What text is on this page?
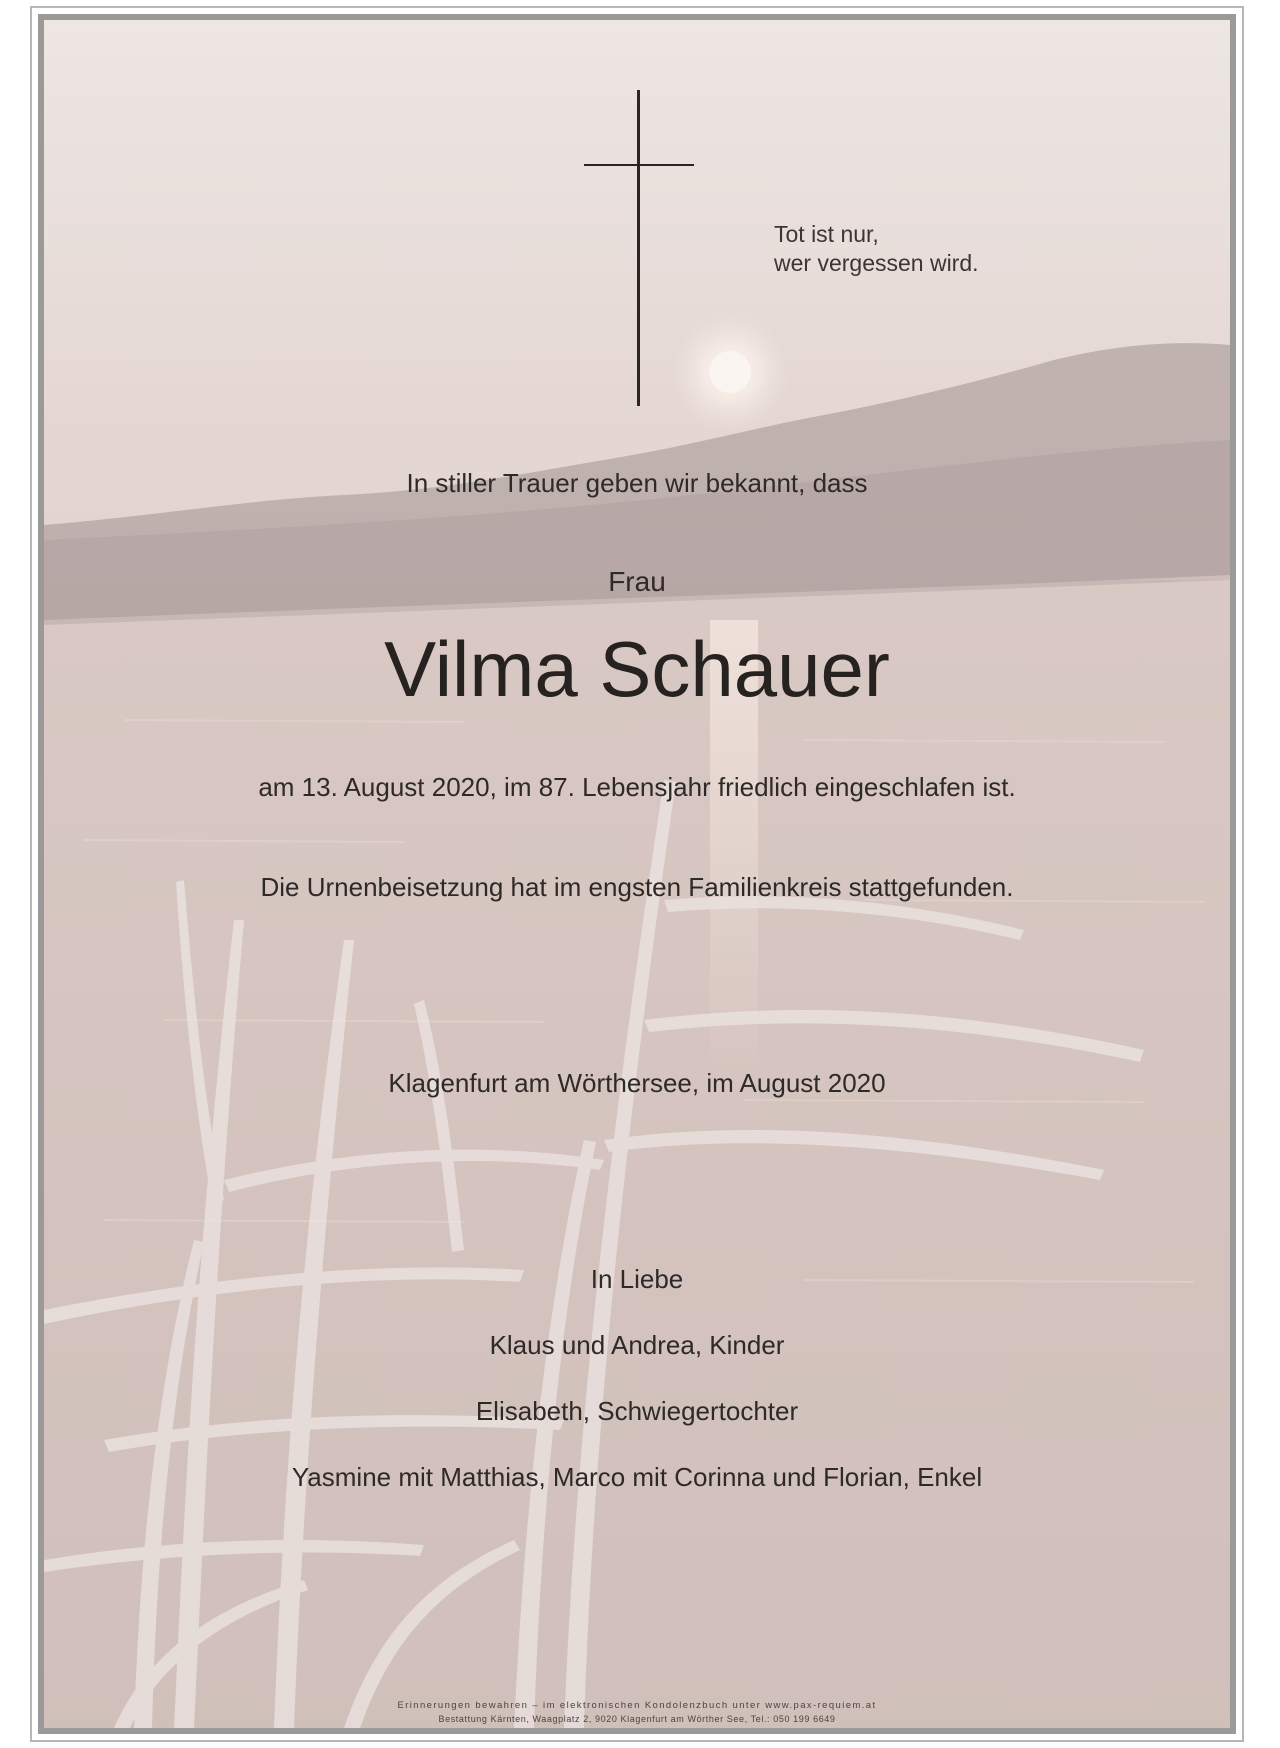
Tot ist nur,
wer vergessen wird.
In stiller Trauer geben wir bekannt, dass
Frau
Vilma Schauer
am 13. August 2020, im 87. Lebensjahr friedlich eingeschlafen ist.
Die Urnenbeisetzung hat im engsten Familienkreis stattgefunden.
Klagenfurt am Wörthersee, im August 2020
In Liebe
Klaus und Andrea, Kinder
Elisabeth, Schwiegertochter
Yasmine mit Matthias, Marco mit Corinna und Florian, Enkel
Erinnerungen bewahren – im elektronischen Kondolenzbuch unter www.pax-requiem.at
Bestattung Kärnten, Waagplatz 2, 9020 Klagenfurt am Wörther See, Tel.: 050 199 6649
